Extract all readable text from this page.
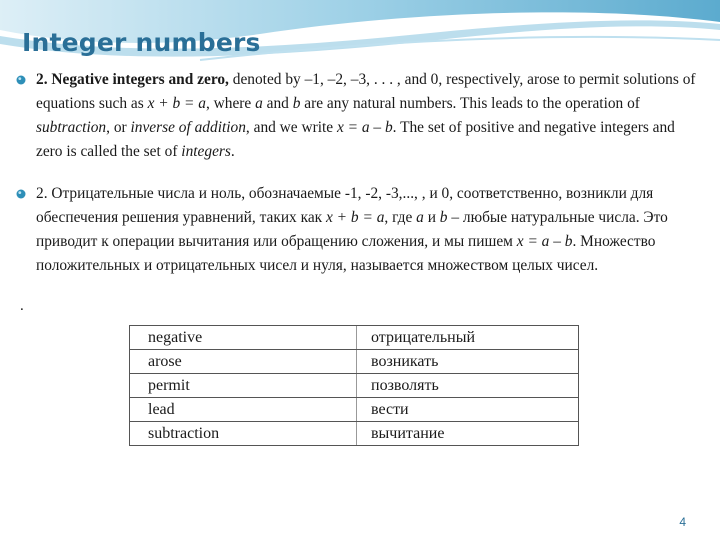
Integer numbers
2. Negative integers and zero, denoted by –1, –2, –3, . . . , and 0, respectively, arose to permit solutions of equations such as x + b = a, where a and b are any natural numbers. This leads to the operation of subtraction, or inverse of addition, and we write x = a – b. The set of positive and negative integers and zero is called the set of integers.
2. Отрицательные числа и ноль, обозначаемые -1, -2, -3,..., , и 0, соответственно, возникли для обеспечения решения уравнений, таких как x + b = a, где a и b – любые натуральные числа. Это приводит к операции вычитания или обращению сложения, и мы пишем x = a – b. Множество положительных и отрицательных чисел и нуля, называется множеством целых чисел.
.
negative	отрицательный
arose	возникать
permit	позволять
lead	вести
subtraction	вычитание
4
